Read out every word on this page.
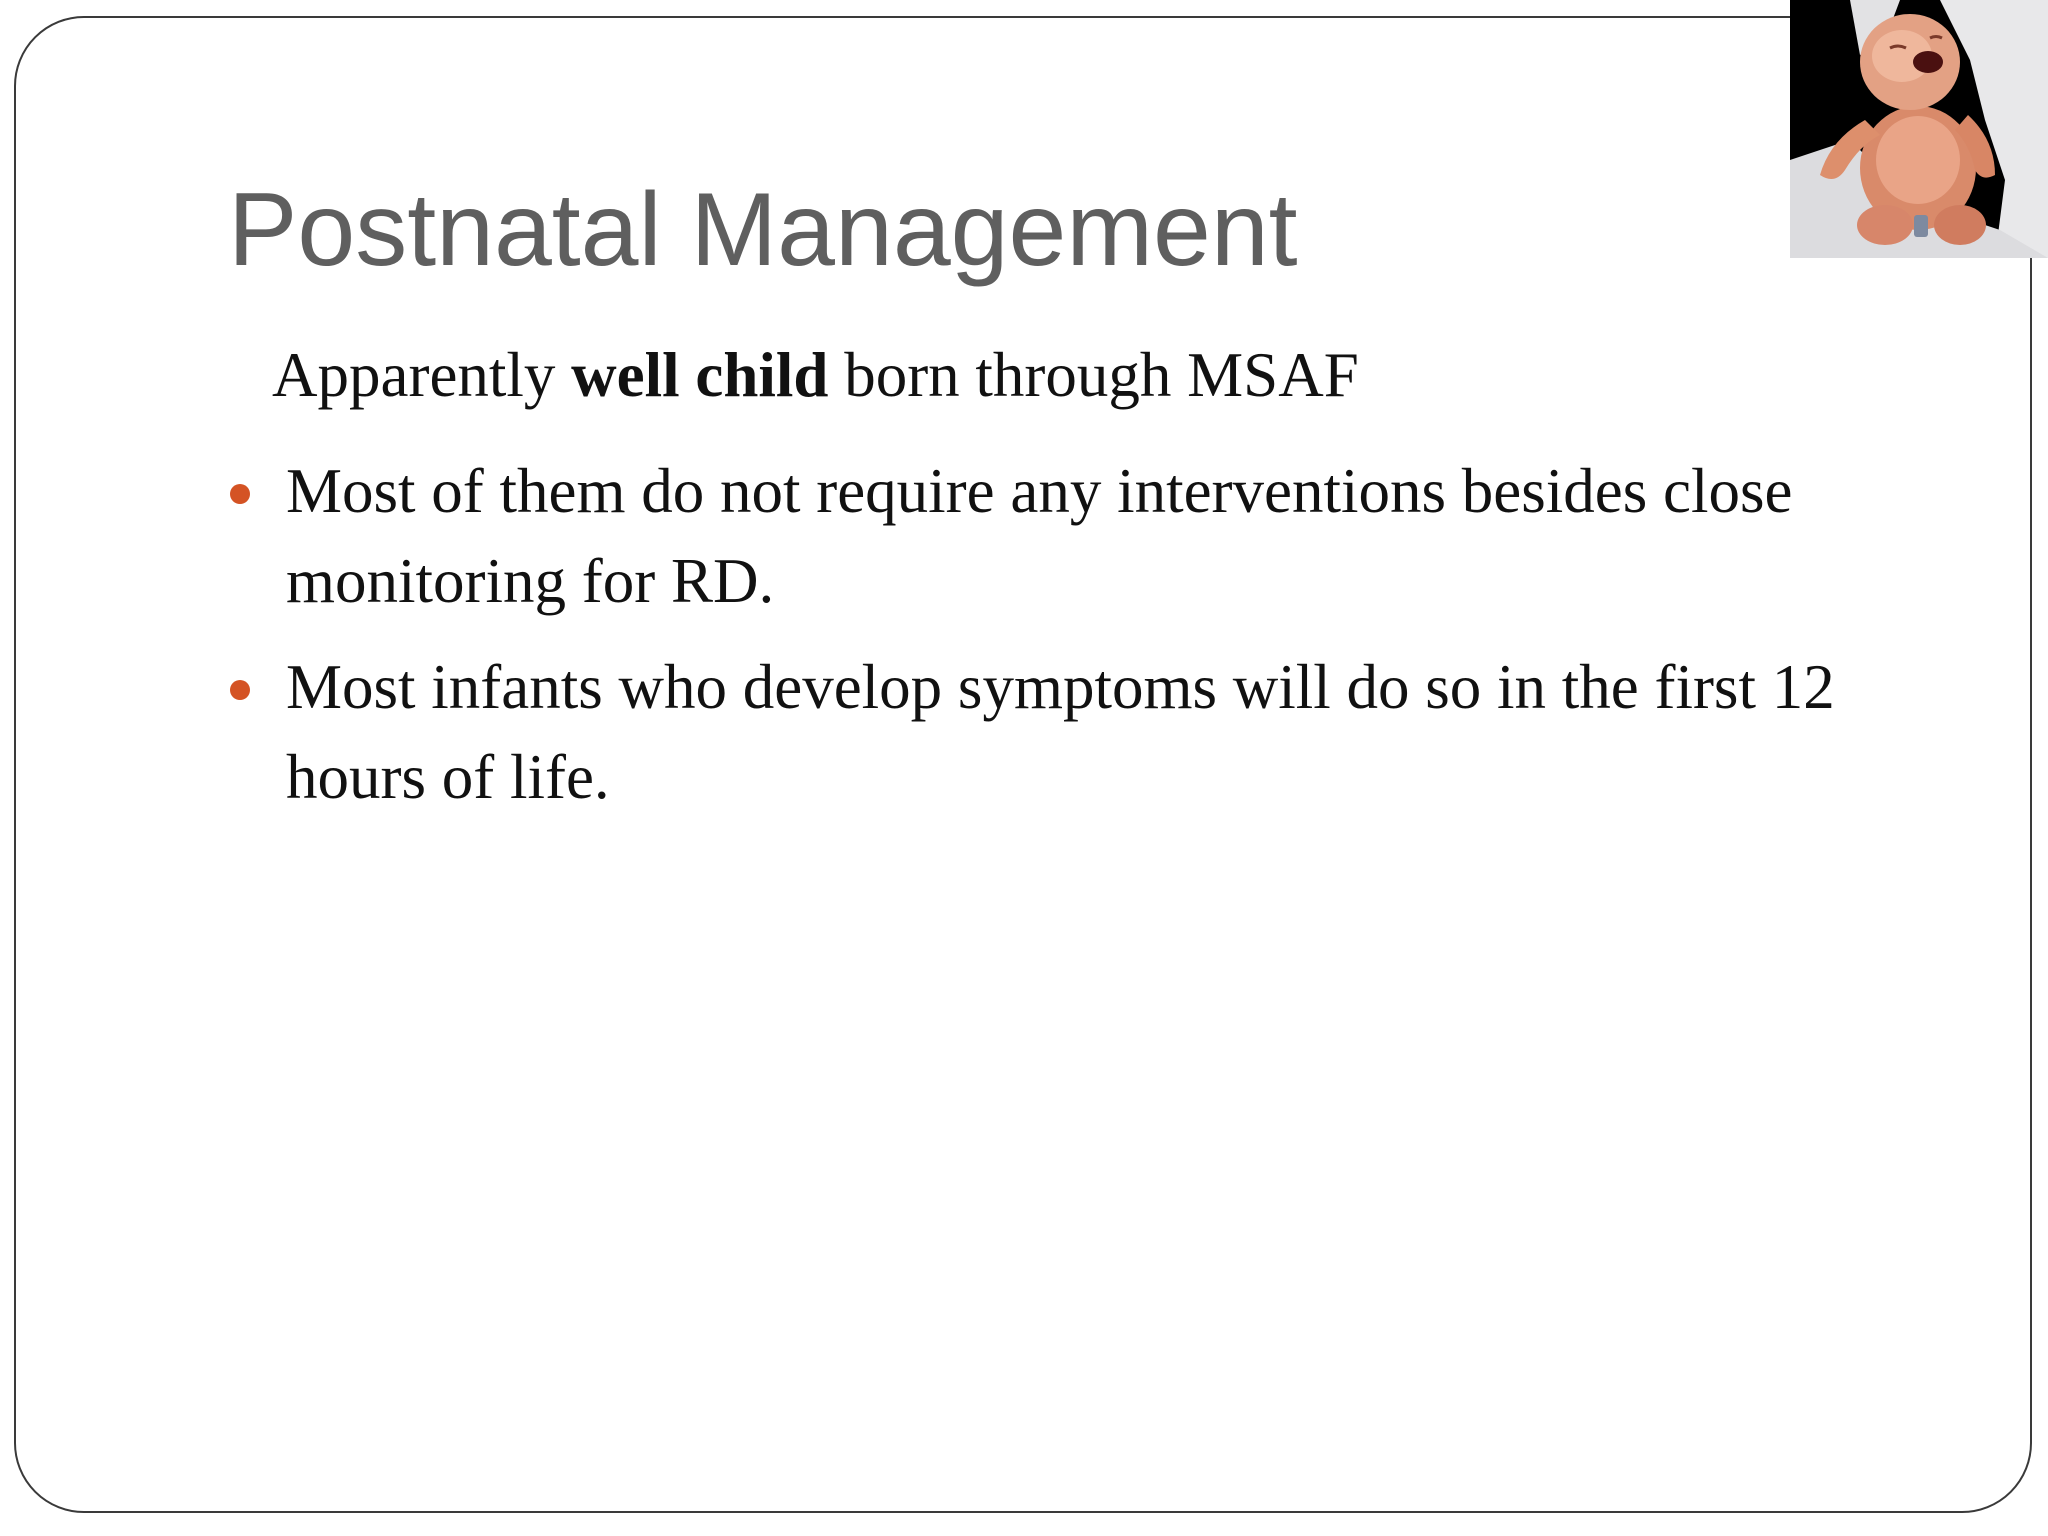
Postnatal Management

Apparently well child born through MSAF

Most of them do not require any interventions besides close monitoring for RD.
Most infants who develop symptoms will do so in the first 12 hours of life.
